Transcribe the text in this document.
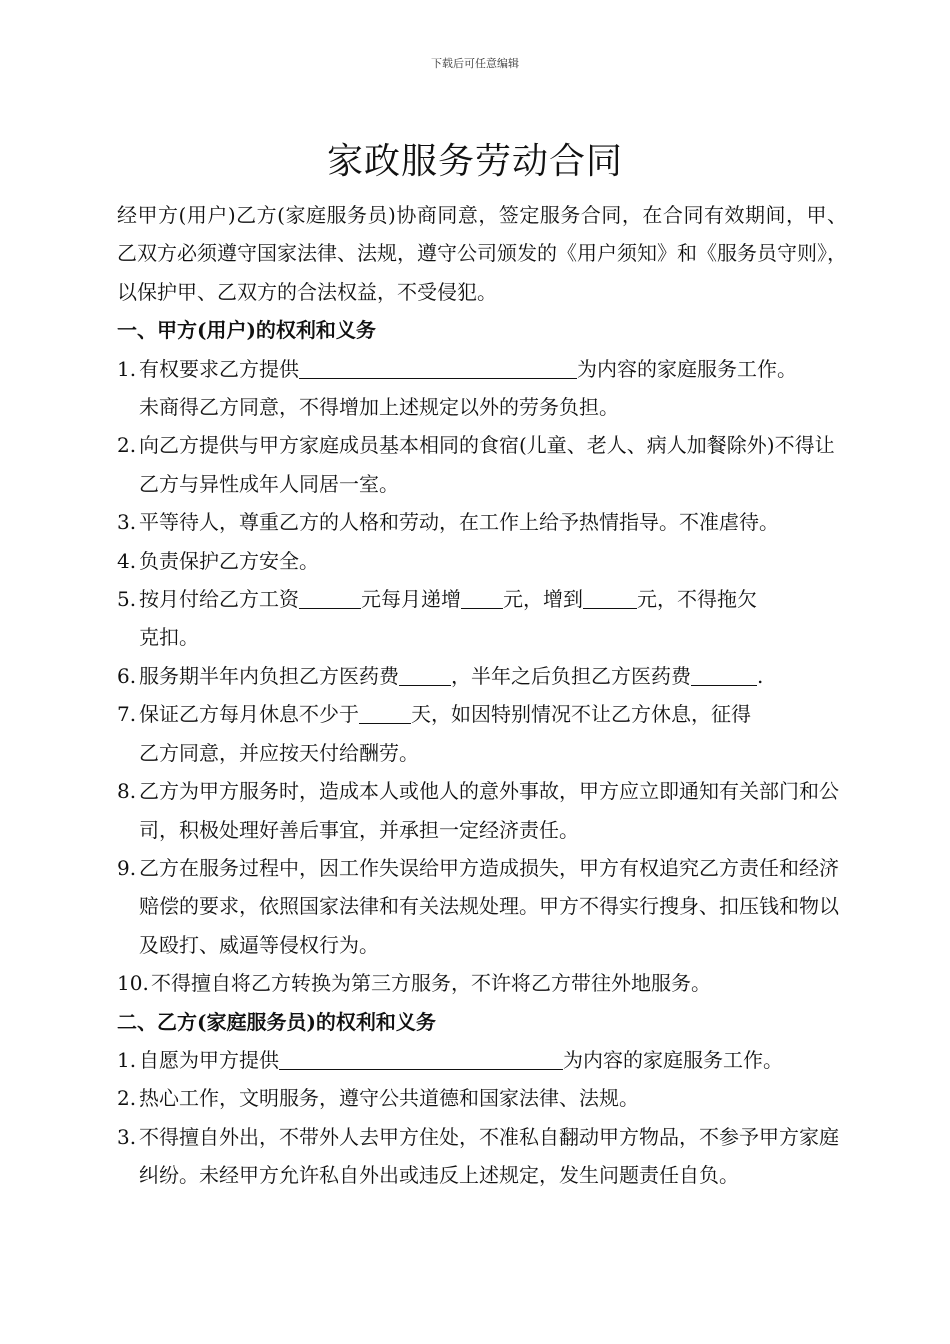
下载后可任意编辑
家政服务劳动合同

经甲方(用户)乙方(家庭服务员)协商同意，签定服务合同，在合同有效期间，甲、乙双方必须遵守国家法律、法规，遵守公司颁发的《用户须知》和《服务员守则》，以保护甲、乙双方的合法权益，不受侵犯。

一、甲方(用户)的权利和义务

1. 有权要求乙方提供	为内容的家庭服务工作。
未商得乙方同意，不得增加上述规定以外的劳务负担。

2. 向乙方提供与甲方家庭成员基本相同的食宿(儿童、老人、病人加餐除外)不得让乙方与异性成年人同居一室。

3. 平等待人，尊重乙方的人格和劳动，在工作上给予热情指导。不准虐待。

4. 负责保护乙方安全。

5. 按月付给乙方工资	元每月递增 元，增到	元，不得拖欠
克扣。

6. 服务期半年内负担乙方医药费	，半年之后负担乙方医药费	.

7. 保证乙方每月休息不少于	天，如因特别情况不让乙方休息，征得
乙方同意，并应按天付给酬劳。

8. 乙方为甲方服务时，造成本人或他人的意外事故，甲方应立即通知有关部门和公司，积极处理好善后事宜，并承担一定经济责任。

9. 乙方在服务过程中，因工作失误给甲方造成损失，甲方有权追究乙方责任和经济赔偿的要求，依照国家法律和有关法规处理。甲方不得实行搜身、扣压钱和物以及殴打、威逼等侵权行为。

10. 不得擅自将乙方转换为第三方服务，不许将乙方带往外地服务。

二、乙方(家庭服务员)的权利和义务

1. 自愿为甲方提供	为内容的家庭服务工作。

2. 热心工作，文明服务，遵守公共道德和国家法律、法规。

3. 不得擅自外出，不带外人去甲方住处，不准私自翻动甲方物品，不参予甲方家庭纠纷。未经甲方允许私自外出或违反上述规定，发生问题责任自负。
